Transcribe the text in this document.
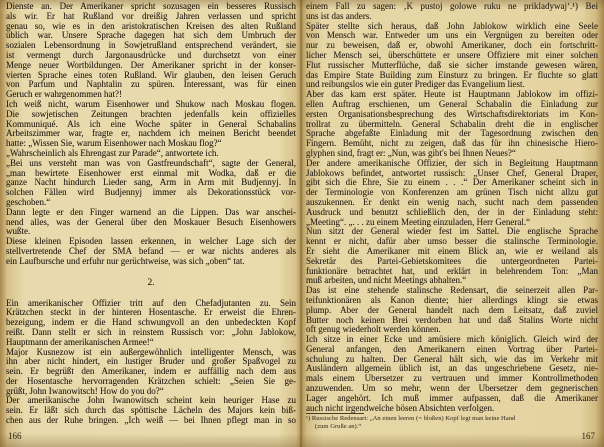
Dienste an. Der Amerikaner spricht sozusagen ein besseres Russisch
als wir. Er hat Rußland vor dreißig Jahren verlassen und spricht
genau so, wie es in den aristokratischen Kreisen des alten Rußland
üblich war. Unsere Sprache dagegen hat sich dem Umbruch der
sozialen Lebensordnung in Sowjetrußland entsprechend verändert, sie
ist vermengt durch Jargonausdrücke und durchsetzt von einer
Menge neuer Wortbildungen. Der Amerikaner spricht in der konser-
vierten Sprache eines toten Rußland. Wir glauben, den leisen Geruch
von Parfum und Naphtalin zu spüren. Interessant, was für einen
Geruch er wahrgenommen hat?!
Ich weiß nicht, warum Eisenhower und Shukow nach Moskau flogen.
Die sowjetischen Zeitungen brachten jedenfalls kein offizielles
Kommuniqué. Als ich eine Woche später in General Schabalins
Arbeitszimmer war, fragte er, nachdem ich meinen Bericht beendet
hatte: „Wissen Sie, warum Eisenhower nach Moskau flog?“
„Wahrscheinlich als Ehrengast zur Parade“, antwortete ich.
„Bei uns versteht man was von Gastfreundschaft“, sagte der General,
„man bewirtete Eisenhower erst einmal mit Wodka, daß er die
ganze Nacht hindurch Lieder sang, Arm in Arm mit Budjennyj. In
solchen Fällen wird Budjennyj immer als Dekorationsstück vor-
geschoben.“
Dann legte er den Finger warnend an die Lippen. Das war anschei-
nend alles, was der General über den Moskauer Besuch Eisenhowers
wußte.
Diese kleinen Episoden lassen erkennen, in welcher Lage sich der
stellvertretende Chef der SMA befand — er war nichts anderes als
ein Laufbursche und erfuhr nur gerüchtweise, was sich „oben“ tat.
2.
Ein amerikanischer Offizier tritt auf den Chefadjutanten zu. Sein
Krätzchen steckt in der hinteren Hosentasche. Er erweist die Ehren-
bezeigung, indem er die Hand schwungvoll an den unbedeckten Kopf
reißt. Dann stellt er sich in reinstem Russisch vor: „John Jablokow,
Hauptmann der amerikanischen Armee!“
Major Kusnezow ist ein außergewöhnlich intelligenter Mensch, was
ihn aber nicht hindert, ein lustiger Bruder und großer Spaßvogel zu
sein. Er begrüßt den Amerikaner, indem er auffällig nach dem aus
der Hosentasche hervorragenden Krätzchen schielt: „Seien Sie ge-
grüßt, John Iwanowitsch! How do you do?“
Der amerikanische John Iwanowitsch scheint kein heuriger Hase zu
sein. Er läßt sich durch das spöttische Lächeln des Majors kein biß-
chen aus der Ruhe bringen. „Ich weiß — bei Ihnen pflegt man in so
einem Fall zu sagen: ‚K pustoj golowe ruku ne prikladywaj‘.¹) Bei
uns ist das anders.
Später stellte sich heraus, daß John Jablokow wirklich eine Seele
von Mensch war. Entweder um uns ein Vergnügen zu bereiten oder
nur zu beweisen, daß er, obwohl Amerikaner, doch ein fortschritt-
licher Mensch sei, überschüttete er unsere Offiziere mit einer solchen
Flut russischer Mutterflüche, daß sie sicher imstande gewesen wären,
das Empire State Building zum Einsturz zu bringen. Er fluchte so glatt
und reibungslos wie ein guter Prediger das Evangelium liest.
Aber das kam erst später. Heute ist Hauptmann Jablokow im offizi-
ellen Auftrag erschienen, um General Schabalin die Einladung zur
ersten Organisationsbesprechung des Wirtschaftsdirektoriats im Kon-
trollrat zu übermitteln. General Schabalin dreht die in englischer
Sprache abgefaßte Einladung mit der Tagesordnung zwischen den
Fingern. Bemüht, nicht zu zeigen, daß das für ihn chinesische Hiero-
glyphen sind, fragt er: „Nun, was gibt's bei Ihnen Neues?“
Der andere amerikanische Offizier, der sich in Begleitung Hauptmann
Jablokows befindet, antwortet russisch: „Unser Chef, General Draper,
gibt sich die Ehre, Sie zu einem . . .“ Der Amerikaner scheint sich in
der Terminologie von Konferenzen am grünen Tisch nicht allzu gut
auszukennen. Er denkt ein wenig nach, sucht nach dem passenden
Ausdruck und benutzt schließlich den, der in der Einladung steht:
„Meeting“. „. . . zu einem Meeting einzuladen, Herr General.“
Nun sitzt der General wieder fest im Sattel. Die englische Sprache
kennt er nicht, dafür aber umso besser die stalinsche Terminologie.
Er sieht die Amerikaner mit einem Blick an, wie er weiland als
Sekretär des Partei-Gebietskomitees die untergeordneten Partei-
funktionäre betrachtet hat, und erklärt in belehrendem Ton: „Man
muß arbeiten, und nicht Meetings abhalten.“
Das ist eine stehende stalinsche Redensart, die seinerzeit allen Par-
teifunktionären als Kanon diente; hier allerdings klingt sie etwas
plump. Aber der General handelt nach dem Leitsatz, daß zuviel
Butter noch keinen Brei verdorben hat und daß Stalins Worte nicht
oft genug wiederholt werden können.
Ich sitze in einer Ecke und amüsiere mich königlich. Gleich wird der
General anfangen, den Amerikanern einen Vortrag über Partei-
schulung zu halten. Der General hält sich, wie das im Verkehr mit
Ausländern allgemein üblich ist, an das ungeschriebene Gesetz, nie-
mals einem Übersetzer zu vertrauen und immer Kontrollmethoden
anzuwenden. Um so mehr, wenn der Übersetzer dem gegnerischen
Lager angehört. Ich muß immer aufpassen, daß die Amerikaner
auch nicht irgendwelche bösen Absichten verfolgen.
¹) Russische Redensart: „An einen leeren (= bloßen) Kopf legt man keine Hand
(zum Gruße an).“
166	167
